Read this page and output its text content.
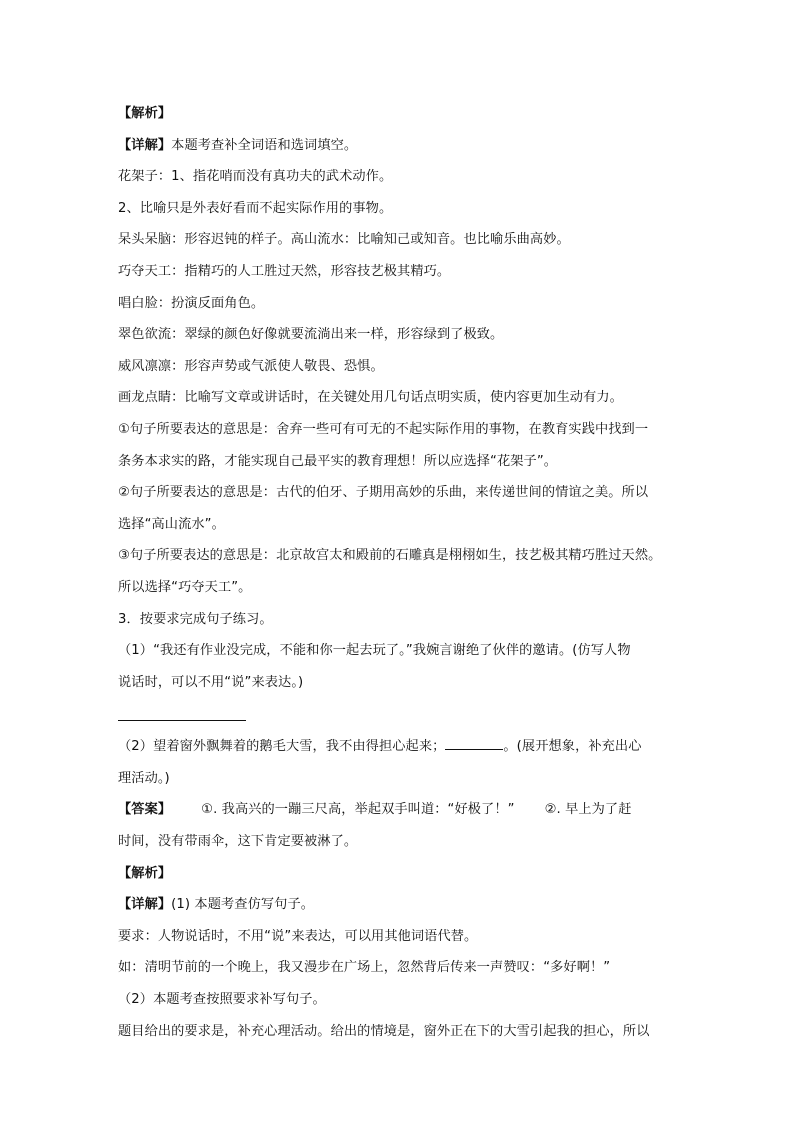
【解析】
【详解】本题考查补全词语和选词填空。
花架子：1、指花哨而没有真功夫的武术动作。
2、比喻只是外表好看而不起实际作用的事物。
呆头呆脑：形容迟钝的样子。高山流水：比喻知己或知音。也比喻乐曲高妙。
巧夺天工：指精巧的人工胜过天然，形容技艺极其精巧。
唱白脸：扮演反面角色。
翠色欲流：翠绿的颜色好像就要流淌出来一样，形容绿到了极致。
威风凛凛：形容声势或气派使人敬畏、恐惧。
画龙点睛：比喻写文章或讲话时，在关键处用几句话点明实质，使内容更加生动有力。
①句子所要表达的意思是：舍弃一些可有可无的不起实际作用的事物，在教育实践中找到一
条务本求实的路，才能实现自己最平实的教育理想！所以应选择“花架子”。
②句子所要表达的意思是：古代的伯牙、子期用高妙的乐曲，来传递世间的情谊之美。所以
选择“高山流水”。
③句子所要表达的意思是：北京故宫太和殿前的石雕真是栩栩如生，技艺极其精巧胜过天然。
所以选择“巧夺天工”。
3．按要求完成句子练习。
（1）“我还有作业没完成，不能和你一起去玩了。”我婉言谢绝了伙伴的邀请。(仿写人物
说话时，可以不用“说”来表达。)
（2）望着窗外飘舞着的鹅毛大雪，我不由得担心起来；	。(展开想象，补充出心
理活动。)
【答案】 ①. 我高兴的一蹦三尺高，举起双手叫道：“好极了！” ②. 早上为了赶
时间，没有带雨伞，这下肯定要被淋了。
【解析】
【详解】(1) 本题考查仿写句子。
要求：人物说话时，不用“说”来表达，可以用其他词语代替。
如：清明节前的一个晚上，我又漫步在广场上，忽然背后传来一声赞叹：“多好啊！”
（2）本题考查按照要求补写句子。
题目给出的要求是，补充心理活动。给出的情境是，窗外正在下的大雪引起我的担心，所以
